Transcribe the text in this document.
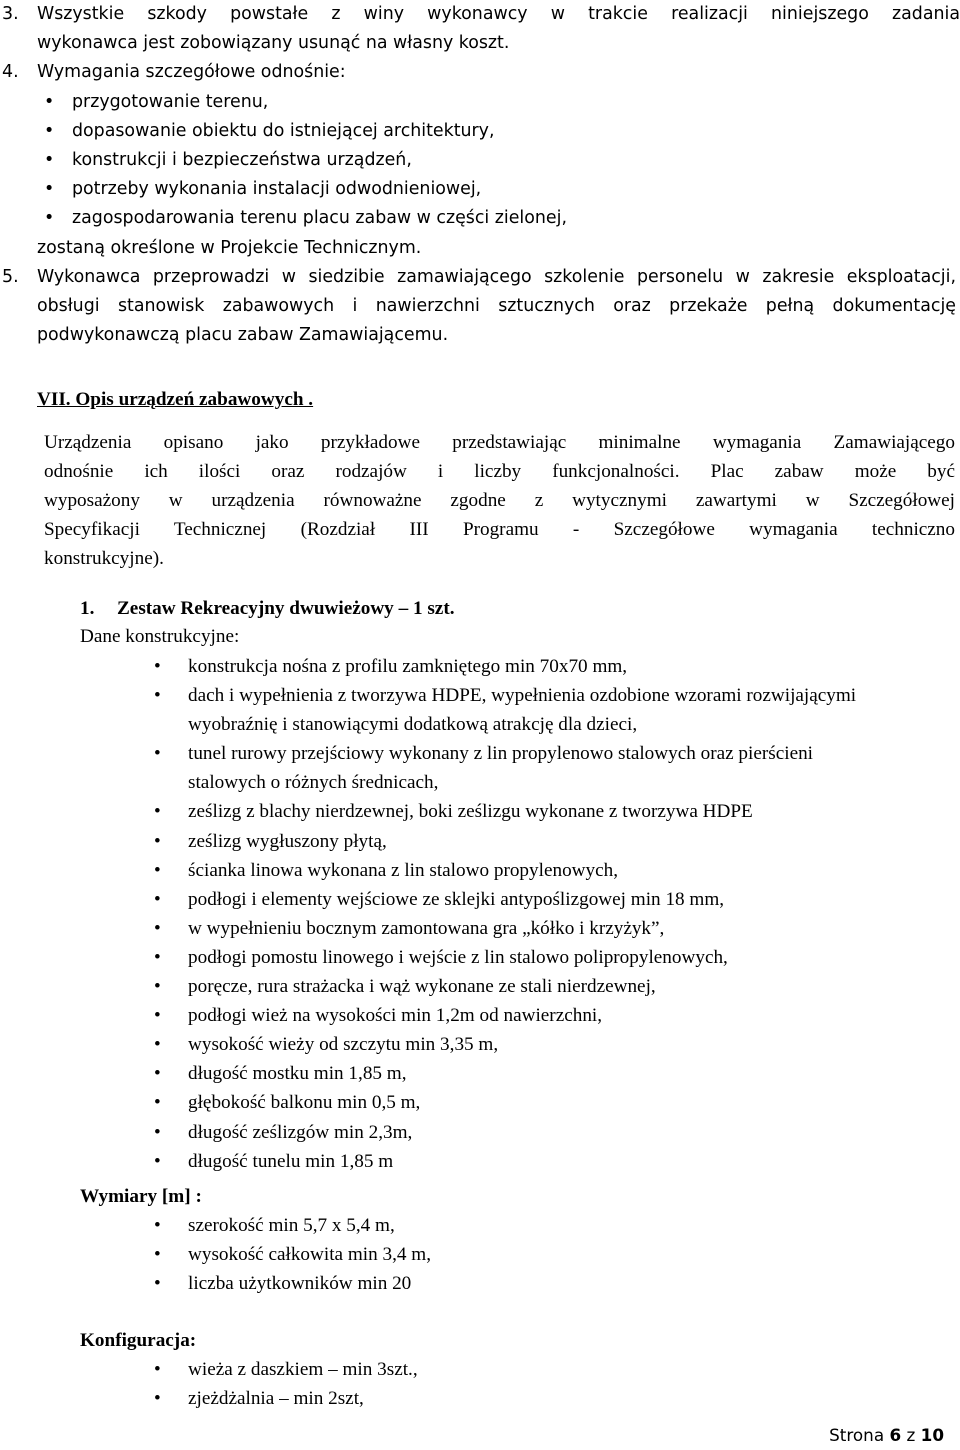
3. Wszystkie szkody powstałe z winy wykonawcy w trakcie realizacji niniejszego zadania
wykonawca jest zobowiązany usunąć na własny koszt.
4. Wymagania szczegółowe odnośnie:
• przygotowanie terenu,
• dopasowanie obiektu do istniejącej architektury,
• konstrukcji i bezpieczeństwa urządzeń,
• potrzeby wykonania instalacji odwodnieniowej,
• zagospodarowania terenu placu zabaw w części zielonej,
zostaną określone w Projekcie Technicznym.
5. Wykonawca przeprowadzi w siedzibie zamawiającego szkolenie personelu w zakresie eksploatacji, obsługi stanowisk zabawowych i nawierzchni sztucznych oraz przekaże pełną dokumentację podwykonawczą placu zabaw Zamawiającemu.
VII. Opis urządzeń zabawowych .
Urządzenia opisano jako przykładowe przedstawiając minimalne wymagania Zamawiającego
odnośnie ich ilości oraz rodzajów i liczby funkcjonalności. Plac zabaw może być
wyposażony w urządzenia równoważne zgodne z wytycznymi zawartymi w Szczegółowej
Specyfikacji Technicznej (Rozdział III Programu - Szczegółowe wymagania techniczno
konstrukcyjne).
1. Zestaw Rekreacyjny dwuwieżowy – 1 szt.
Dane konstrukcyjne:
• konstrukcja nośna z profilu zamkniętego min 70x70 mm,
• dach i wypełnienia z tworzywa HDPE, wypełnienia ozdobione wzorami rozwijającymi wyobraźnię i stanowiącymi dodatkową atrakcję dla dzieci,
• tunel rurowy przejściowy wykonany z lin propylenowo stalowych oraz pierścieni stalowych o różnych średnicach,
• ześlizg z blachy nierdzewnej, boki ześlizgu wykonane z tworzywa HDPE
• ześlizg wygłuszony płytą,
• ścianka linowa wykonana z lin stalowo propylenowych,
• podłogi i elementy wejściowe ze sklejki antypoślizgowej min 18 mm,
• w wypełnieniu bocznym zamontowana gra „kółko i krzyżyk”,
• podłogi pomostu linowego i wejście z lin stalowo polipropylenowych,
• poręcze, rura strażacka i wąż wykonane ze stali nierdzewnej,
• podłogi wież na wysokości min 1,2m od nawierzchni,
• wysokość wieży od szczytu min 3,35 m,
• długość mostku min 1,85 m,
• głębokość balkonu min 0,5 m,
• długość ześlizgów min 2,3m,
• długość tunelu min 1,85 m
Wymiary [m] :
• szerokość min 5,7 x 5,4 m,
• wysokość całkowita min 3,4 m,
• liczba użytkowników min 20
Konfiguracja:
• wieża z daszkiem – min 3szt.,
• zjeżdżalnia – min 2szt,
Strona 6 z 10
